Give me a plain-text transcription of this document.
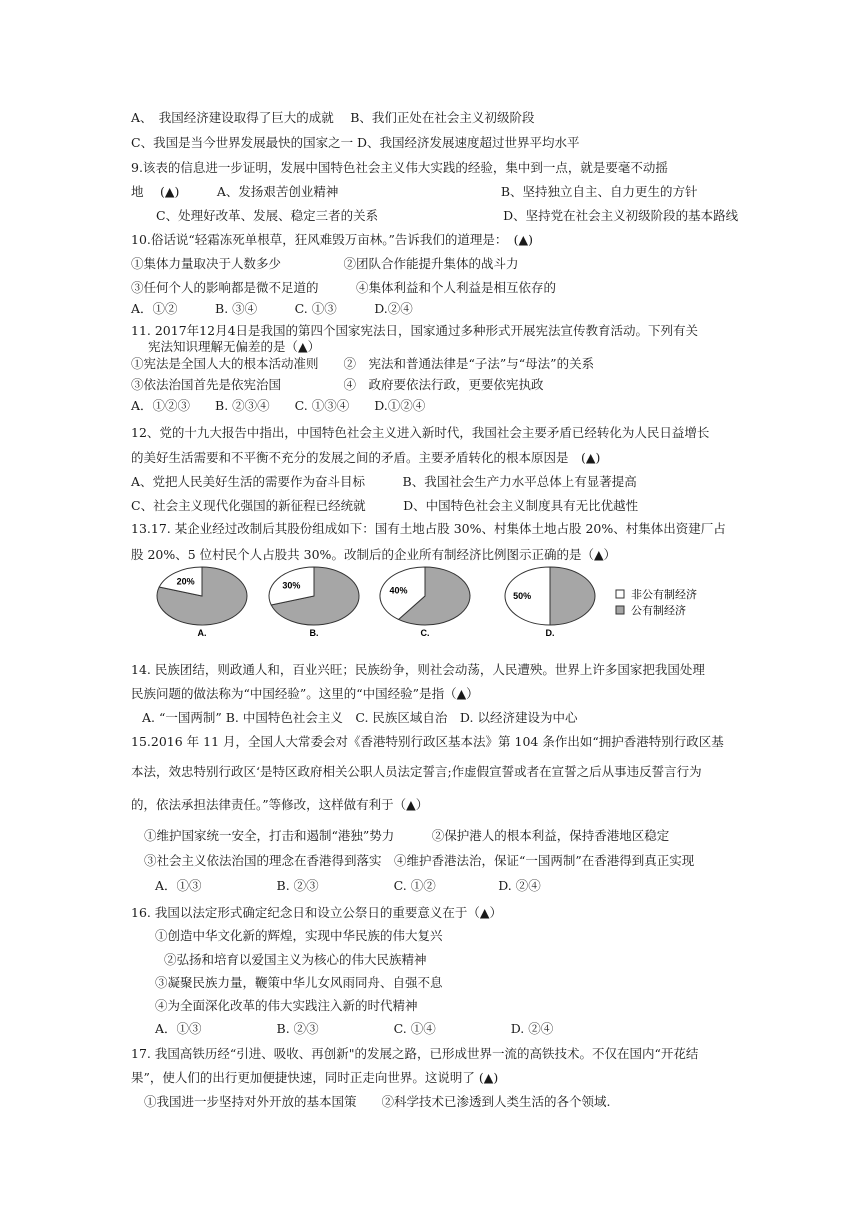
A、　我国经济建设取得了巨大的成就　 B、我们正处在社会主义初级阶段
C、我国是当今世界发展最快的国家之一 D、我国经济发展速度超过世界平均水平
9.该表的信息进一步证明，发展中国特色社会主义伟大实践的经验，集中到一点，就是要毫不动摇
地　 (▲)　　　A、发扬艰苦创业精神　　　　　　　　　　　　　B、坚持独立自主、自力更生的方针
　　C、处理好改革、发展、稳定三者的关系　　　　　　　　　　D、坚持党在社会主义初级阶段的基本路线
10.俗话说“轻霜冻死单根草，狂风难毁万亩林。”告诉我们的道理是：　(▲)
①集体力量取决于人数多少　　　　　②团队合作能提升集体的战斗力
③任何个人的影响都是微不足道的　　　④集体利益和个人利益是相互依存的
A．①②　　　B. ③④　　　C. ①③　　　D.②④
11. 2017年12月4日是我国的第四个国家宪法日，国家通过多种形式开展宪法宣传教育活动。下列有关
宪法知识理解无偏差的是（▲）
①宪法是全国人大的根本活动准则　　②　宪法和普通法律是“子法”与“母法”的关系
③依法治国首先是依宪治国　　　　　④　政府要依法行政，更要依宪执政
A．①②③　　B. ②③④　　C. ①③④　　D.①②④
12、党的十九大报告中指出，中国特色社会主义进入新时代，我国社会主要矛盾已经转化为人民日益增长
的美好生活需要和不平衡不充分的发展之间的矛盾。主要矛盾转化的根本原因是　(▲)
A、党把人民美好生活的需要作为奋斗目标　　　B、我国社会生产力水平总体上有显著提高
C、社会主义现代化强国的新征程已经统就　　　D、中国特色社会主义制度具有无比优越性
13.17. 某企业经过改制后其股份组成如下：国有土地占股 30%、村集体土地占股 20%、村集体出资建厂占
股 20%、5 位村民个人占股共 30%。改制后的企业所有制经济比例图示正确的是（▲）
14. 民族团结，则政通人和，百业兴旺；民族纷争，则社会动荡，人民遭殃。世界上许多国家把我国处理
民族问题的做法称为“中国经验”。这里的“中国经验”是指（▲）
A. “一国两制” B. 中国特色社会主义　C. 民族区域自治　D. 以经济建设为中心
15.2016 年 11 月，全国人大常委会对《香港特别行政区基本法》第 104 条作出如“拥护香港特别行政区基
本法，效忠特别行政区‘是特区政府相关公职人员法定誓言;作虚假宣誓或者在宣誓之后从事违反誓言行为
的，依法承担法律责任。”等修改，这样做有利于（▲）
①维护国家统一安全，打击和遏制“港独”势力　　　②保护港人的根本利益，保持香港地区稳定
③社会主义依法治国的理念在香港得到落实　④维护香港法治，保证“一国两制”在香港得到真正实现
A．①③　　　　　　B. ②③　　　　　　C. ①②　　　　　D. ②④
16. 我国以法定形式确定纪念日和设立公祭日的重要意义在于（▲）
①创造中华文化新的辉煌，实现中华民族的伟大复兴
②弘扬和培育以爱国主义为核心的伟大民族精神
③凝聚民族力量，鞭策中华儿女风雨同舟、自强不息
④为全面深化改革的伟大实践注入新的时代精神
A．①③　　　　　　B. ②③　　　　　　C. ①④　　　　　　D. ②④
17. 我国高铁历经“引进、吸收、再创新"的发展之路，已形成世界一流的高铁技术。不仅在国内“开花结
果”，使人们的出行更加便捷快速，同时正走向世界。这说明了 (▲)
①我国进一步坚持对外开放的基本国策　　②科学技术已渗透到人类生活的各个领域.
20%
A.
30%
B.
40%
C.
50%
D.
非公有制经济
公有制经济
